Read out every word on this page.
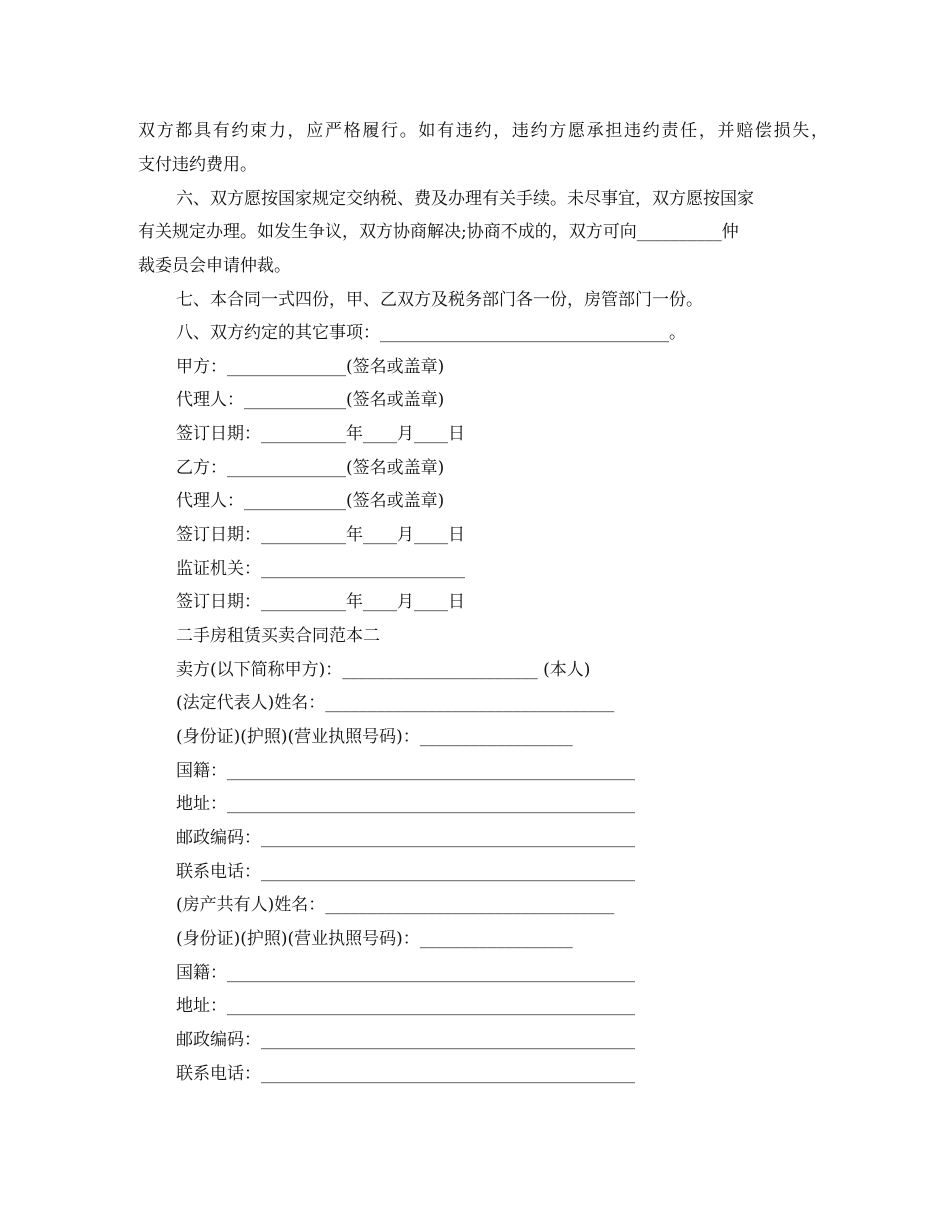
双方都具有约束力，应严格履行。如有违约，违约方愿承担违约责任，并赔偿损失，
支付违约费用。
六、双方愿按国家规定交纳税、费及办理有关手续。未尽事宜，双方愿按国家
有关规定办理。如发生争议，双方协商解决;协商不成的，双方可向__________仲
裁委员会申请仲裁。
七、本合同一式四份，甲、乙双方及税务部门各一份，房管部门一份。
八、双方约定的其它事项：__________________________________。
甲方：______________(签名或盖章)
代理人：____________(签名或盖章)
签订日期：__________年____月____日
乙方：______________(签名或盖章)
代理人：____________(签名或盖章)
签订日期：__________年____月____日
监证机关：________________________
签订日期：__________年____月____日
二手房租赁买卖合同范本二
卖方(以下简称甲方)：_______________________ (本人)
(法定代表人)姓名：__________________________________
(身份证)(护照)(营业执照号码)：__________________
国籍：________________________________________________
地址：________________________________________________
邮政编码：____________________________________________
联系电话：____________________________________________
(房产共有人)姓名：__________________________________
(身份证)(护照)(营业执照号码)：__________________
国籍：________________________________________________
地址：________________________________________________
邮政编码：____________________________________________
联系电话：____________________________________________
